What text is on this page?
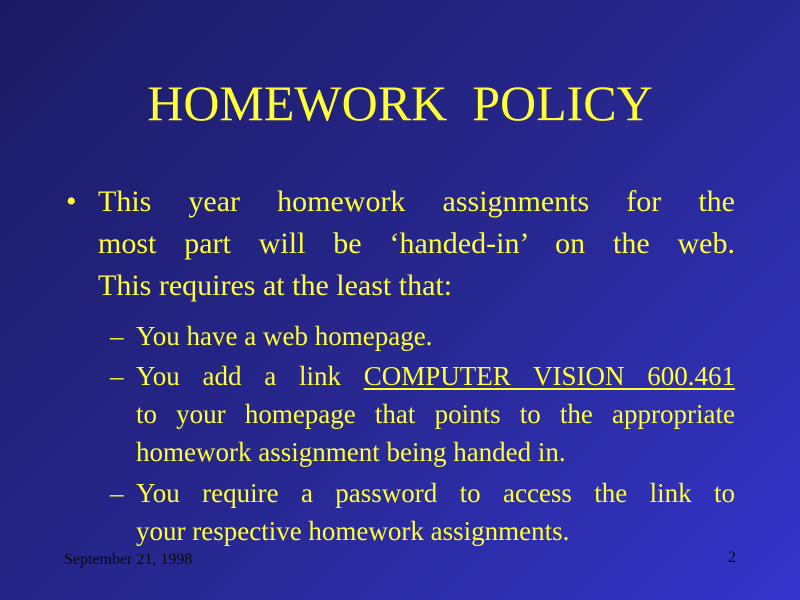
HOMEWORK  POLICY
• This year homework assignments for the
most part will be ‘handed-in’ on the web.
This requires at the least that:
– You have a web homepage.
– You add a link COMPUTER VISION 600.461
to your homepage that points to the appropriate
homework assignment being handed in.
– You require a password to access the link to
your respective homework assignments.
September 21, 1998	2
